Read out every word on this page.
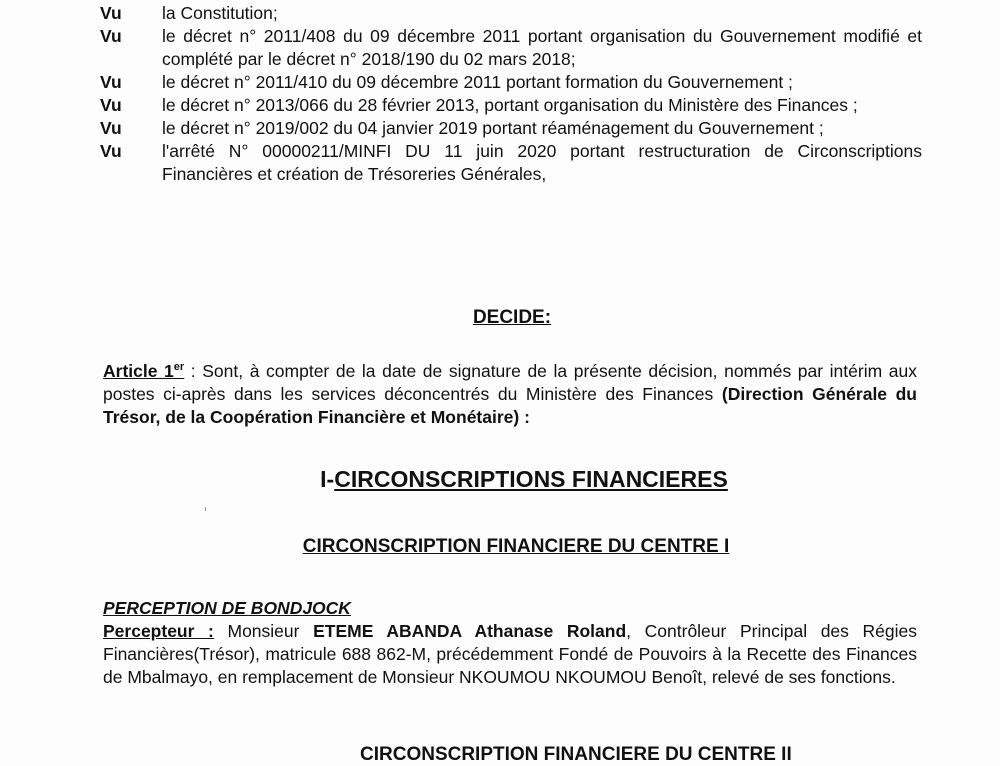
Vu	la Constitution;
Vu	le décret n° 2011/408 du 09 décembre 2011 portant organisation du Gouvernement modifié et complété par le décret n° 2018/190 du 02 mars 2018;
Vu	le décret n° 2011/410 du 09 décembre 2011 portant formation du Gouvernement ;
Vu	le décret n° 2013/066 du 28 février 2013, portant organisation du Ministère des Finances ;
Vu	le décret n° 2019/002 du 04 janvier 2019 portant réaménagement du Gouvernement ;
Vu	l'arrêté N° 00000211/MINFI DU 11 juin 2020 portant restructuration de Circonscriptions Financières et création de Trésoreries Générales,
DECIDE:
Article 1er : Sont, à compter de la date de signature de la présente décision, nommés par intérim aux postes ci-après dans les services déconcentrés du Ministère des Finances (Direction Générale du Trésor, de la Coopération Financière et Monétaire) :
I-CIRCONSCRIPTIONS FINANCIERES
CIRCONSCRIPTION FINANCIERE DU CENTRE I
PERCEPTION DE BONDJOCK
Percepteur : Monsieur ETEME ABANDA Athanase Roland, Contrôleur Principal des Régies Financières(Trésor), matricule 688 862-M, précédemment Fondé de Pouvoirs à la Recette des Finances de Mbalmayo, en remplacement de Monsieur NKOUMOU NKOUMOU Benoît, relevé de ses fonctions.
CIRCONSCRIPTION FINANCIERE DU CENTRE II
